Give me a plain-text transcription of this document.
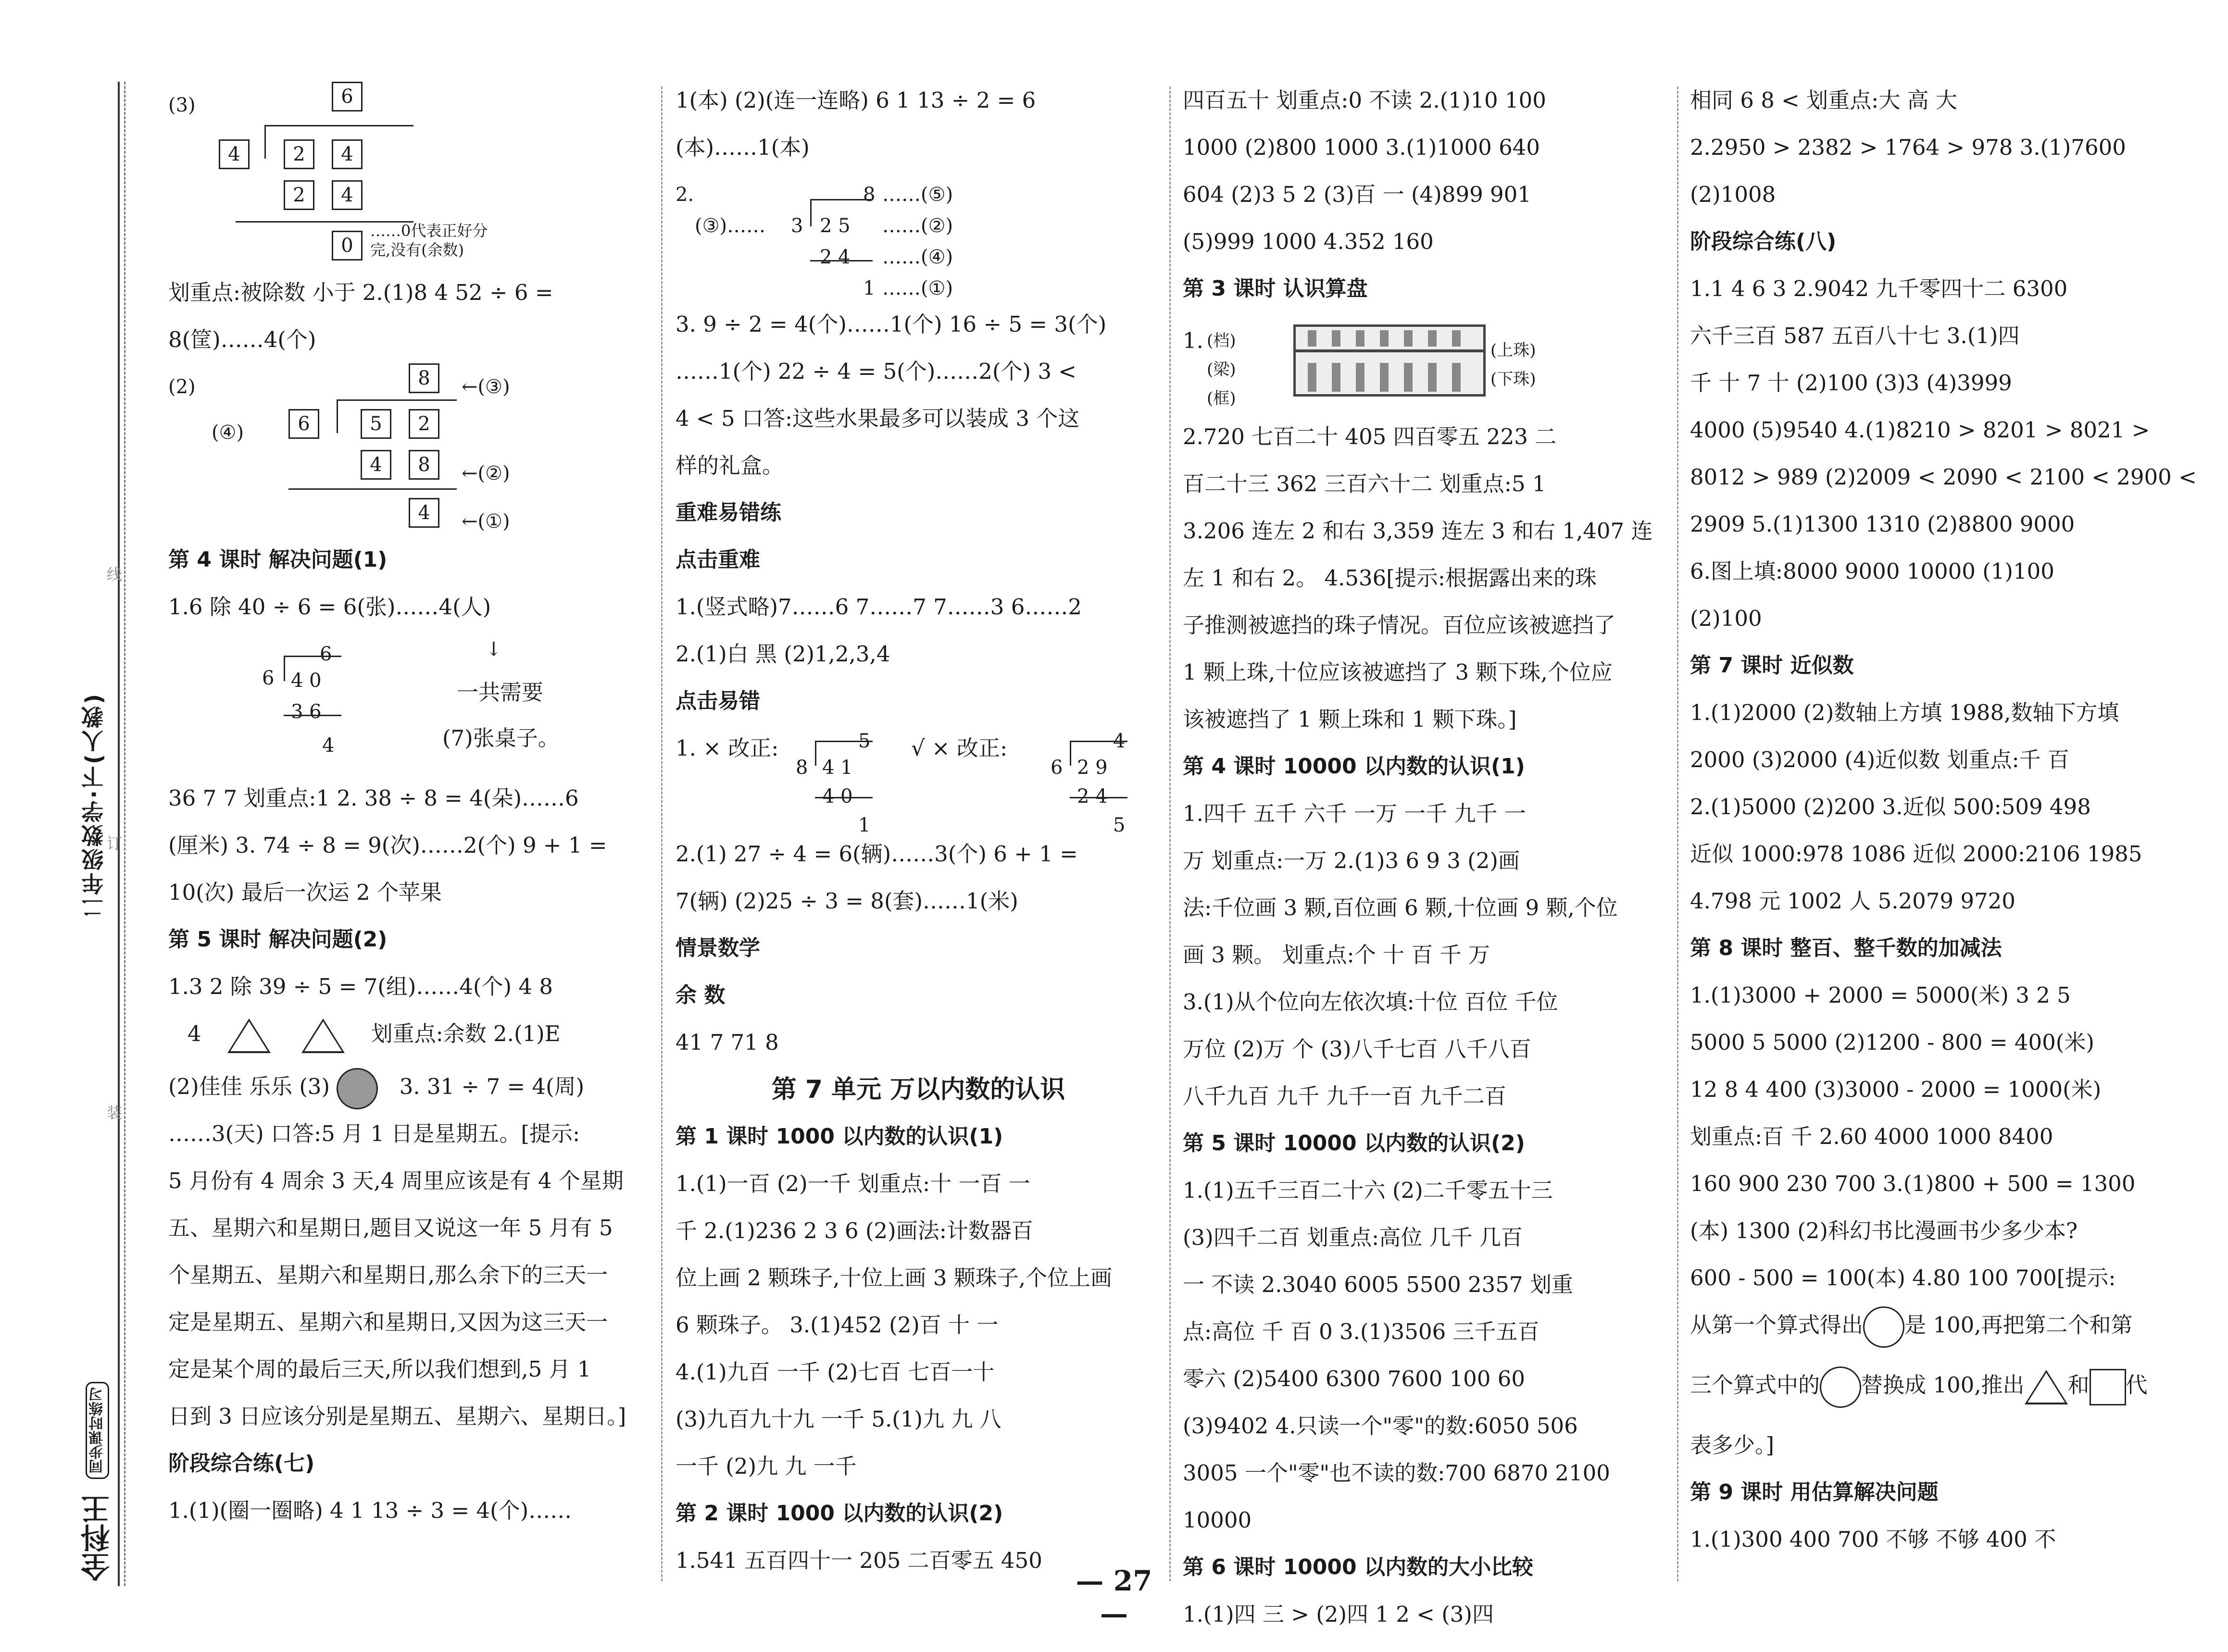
线
订
装
二年级数学·下(人教)
全科王 同步课时练习
(3)	6
4	2	4
2	4
0
……0代表正好分完,没有(余数)
划重点:被除数 小于 2.(1)8 4 52 ÷ 6 =
8(筐)……4(个)
(2)	8	←(③)
(④)	6	5	2
4	8	←(②)
4	←(①)
第 4 课时 解决问题(1)
1.6 除 40 ÷ 6 = 6(张)……4(人)
6
6 4 0
3 6
4
↓
一共需要
(7)张桌子。
36 7 7 划重点:1 2. 38 ÷ 8 = 4(朵)……6
(厘米) 3. 74 ÷ 8 = 9(次)……2(个) 9 + 1 =
10(次) 最后一次运 2 个苹果
第 5 课时 解决问题(2)
1.3 2 除 39 ÷ 5 = 7(组)……4(个) 4 8
4	划重点:余数 2.(1)E
(2)佳佳 乐乐 (3)	3. 31 ÷ 7 = 4(周)
……3(天) 口答:5 月 1 日是星期五。[提示:
5 月份有 4 周余 3 天,4 周里应该是有 4 个星期
五、星期六和星期日,题目又说这一年 5 月有 5
个星期五、星期六和星期日,那么余下的三天一
定是星期五、星期六和星期日,又因为这三天一
定是某个周的最后三天,所以我们想到,5 月 1
日到 3 日应该分别是星期五、星期六、星期日。]
阶段综合练(七)
1.(1)(圈一圈略) 4 1 13 ÷ 3 = 4(个)……
1(本) (2)(连一连略) 6 1 13 ÷ 2 = 6
(本)……1(本)
2.	8 ……(⑤)
(③)…… 3 2 5 ……(②)
2 4 ……(④)
1 ……(①)
3. 9 ÷ 2 = 4(个)……1(个) 16 ÷ 5 = 3(个)
……1(个) 22 ÷ 4 = 5(个)……2(个) 3 <
4 < 5 口答:这些水果最多可以装成 3 个这
样的礼盒。
重难易错练
点击重难
1.(竖式略)7……6 7……7 7……3 6……2
2.(1)白 黑 (2)1,2,3,4
点击易错
1. × 改正:	5
8 4 1
4 0
1
√ × 改正:	4
6 2 9
2 4
5
2.(1) 27 ÷ 4 = 6(辆)……3(个) 6 + 1 =
7(辆) (2)25 ÷ 3 = 8(套)……1(米)
情景数学
余 数
41 7 71 8
第 7 单元 万以内数的认识
第 1 课时 1000 以内数的认识(1)
1.(1)一百 (2)一千 划重点:十 一百 一
千 2.(1)236 2 3 6 (2)画法:计数器百
位上画 2 颗珠子,十位上画 3 颗珠子,个位上画
6 颗珠子。 3.(1)452 (2)百 十 一
4.(1)九百 一千 (2)七百 七百一十
(3)九百九十九 一千 5.(1)九 九 八
一千 (2)九 九 一千
第 2 课时 1000 以内数的认识(2)
1.541 五百四十一 205 二百零五 450
四百五十 划重点:0 不读 2.(1)10 100
1000 (2)800 1000 3.(1)1000 640
604 (2)3 5 2 (3)百 一 (4)899 901
(5)999 1000 4.352 160
第 3 课时 认识算盘
1. (档)
(梁)
(框)
(上珠)
(下珠)
2.720 七百二十 405 四百零五 223 二
百二十三 362 三百六十二 划重点:5 1
3.206 连左 2 和右 3,359 连左 3 和右 1,407 连
左 1 和右 2。 4.536[提示:根据露出来的珠
子推测被遮挡的珠子情况。百位应该被遮挡了
1 颗上珠,十位应该被遮挡了 3 颗下珠,个位应
该被遮挡了 1 颗上珠和 1 颗下珠。]
第 4 课时 10000 以内数的认识(1)
1.四千 五千 六千 一万 一千 九千 一
万 划重点:一万 2.(1)3 6 9 3 (2)画
法:千位画 3 颗,百位画 6 颗,十位画 9 颗,个位
画 3 颗。 划重点:个 十 百 千 万
3.(1)从个位向左依次填:十位 百位 千位
万位 (2)万 个 (3)八千七百 八千八百
八千九百 九千 九千一百 九千二百
第 5 课时 10000 以内数的认识(2)
1.(1)五千三百二十六 (2)二千零五十三
(3)四千二百 划重点:高位 几千 几百
一 不读 2.3040 6005 5500 2357 划重
点:高位 千 百 0 3.(1)3506 三千五百
零六 (2)5400 6300 7600 100 60
(3)9402 4.只读一个"零"的数:6050 506
3005 一个"零"也不读的数:700 6870 2100
10000
第 6 课时 10000 以内数的大小比较
1.(1)四 三 > (2)四 1 2 < (3)四
相同 6 8 < 划重点:大 高 大
2.2950 > 2382 > 1764 > 978 3.(1)7600
(2)1008
阶段综合练(八)
1.1 4 6 3 2.9042 九千零四十二 6300
六千三百 587 五百八十七 3.(1)四
千 十 7 十 (2)100 (3)3 (4)3999
4000 (5)9540 4.(1)8210 > 8201 > 8021 >
8012 > 989 (2)2009 < 2090 < 2100 < 2900 <
2909 5.(1)1300 1310 (2)8800 9000
6.图上填:8000 9000 10000 (1)100
(2)100
第 7 课时 近似数
1.(1)2000 (2)数轴上方填 1988,数轴下方填
2000 (3)2000 (4)近似数 划重点:千 百
2.(1)5000 (2)200 3.近似 500:509 498
近似 1000:978 1086 近似 2000:2106 1985
4.798 元 1002 人 5.2079 9720
第 8 课时 整百、整千数的加减法
1.(1)3000 + 2000 = 5000(米) 3 2 5
5000 5 5000 (2)1200 - 800 = 400(米)
12 8 4 400 (3)3000 - 2000 = 1000(米)
划重点:百 千 2.60 4000 1000 8400
160 900 230 700 3.(1)800 + 500 = 1300
(本) 1300 (2)科幻书比漫画书少多少本?
600 - 500 = 100(本) 4.80 100 700[提示:
从第一个算式得出 是 100,再把第二个和第
三个算式中的 替换成 100,推出 和 代
表多少。]
第 9 课时 用估算解决问题
1.(1)300 400 700 不够 不够 400 不
— 27 —
